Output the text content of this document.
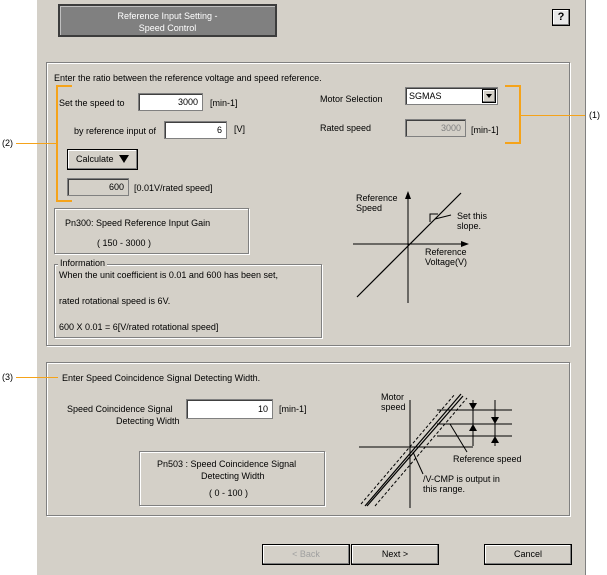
Reference Input Setting -
Speed Control
?
Enter the ratio between the reference voltage and speed reference.
Set the speed to	3000	[min-1]
by reference input of	6	[V]
Calculate
600	[0.01V/rated speed]
Motor Selection	SGMAS
Rated speed	3000	[min-1]
Pn300: Speed Reference Input Gain
( 150 - 3000 )
Information
When the unit coefficient is 0.01 and 600 has been set,
rated rotational speed is 6V.
600 X 0.01 = 6[V/rated rotational speed]
Reference
Speed
Set this
slope.
Reference
Voltage(V)
Enter Speed Coincidence Signal Detecting Width.
Speed Coincidence Signal
Detecting Width
10	[min-1]
Pn503 : Speed Coincidence Signal
Detecting Width
( 0 - 100 )
Motor
speed
Reference speed
/V-CMP is output in
this range.
< Back	Next >	Cancel
(1)
(2)
(3)
